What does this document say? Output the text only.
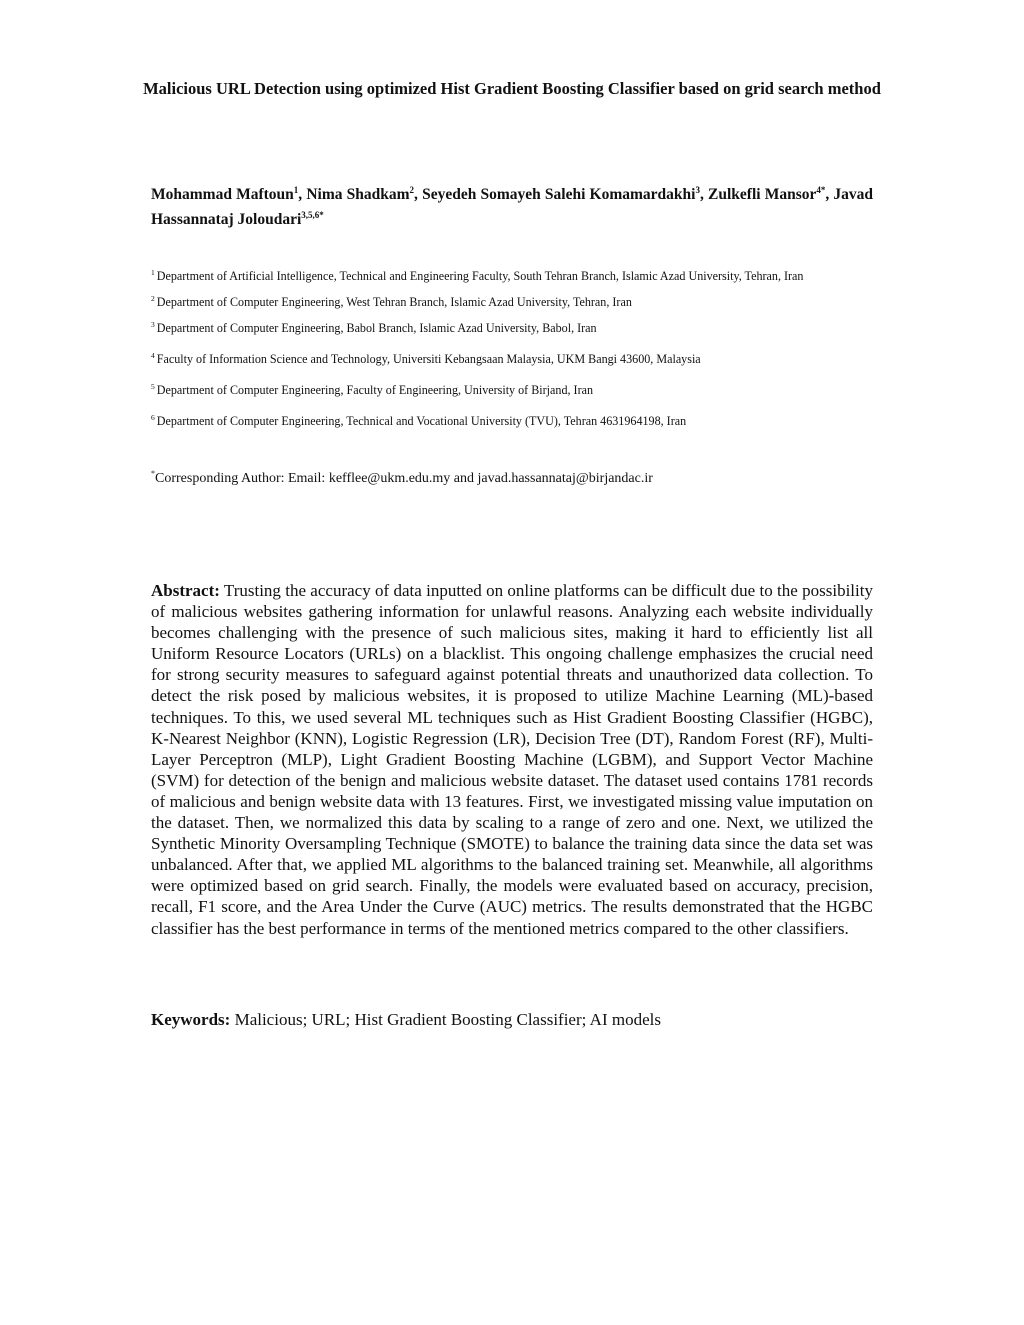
Malicious URL Detection using optimized Hist Gradient Boosting Classifier based on grid search method
Mohammad Maftoun$^1$, Nima Shadkam$^2$, Seyedeh Somayeh Salehi Komamardakhi$^3$, Zulkefli Mansor$^{4*}$, Javad Hassannataj Joloudari$^{3,5,6*}$
$^1$ Department of Artificial Intelligence, Technical and Engineering Faculty, South Tehran Branch, Islamic Azad University, Tehran, Iran
$^2$ Department of Computer Engineering, West Tehran Branch, Islamic Azad University, Tehran, Iran
$^3$ Department of Computer Engineering, Babol Branch, Islamic Azad University, Babol, Iran
$^4$ Faculty of Information Science and Technology, Universiti Kebangsaan Malaysia, UKM Bangi 43600, Malaysia
$^5$ Department of Computer Engineering, Faculty of Engineering, University of Birjand, Iran
$^6$ Department of Computer Engineering, Technical and Vocational University (TVU), Tehran 4631964198, Iran
*Corresponding Author: Email: kefflee@ukm.edu.my and javad.hassannataj@birjandac.ir

Abstract: Trusting the accuracy of data inputted on online platforms can be difficult due to the possibility of malicious websites gathering information for unlawful reasons. Analyzing each website individually becomes challenging with the presence of such malicious sites, making it hard to efficiently list all Uniform Resource Locators (URLs) on a blacklist. This ongoing challenge emphasizes the crucial need for strong security measures to safeguard against potential threats and unauthorized data collection. To detect the risk posed by malicious websites, it is proposed to utilize Machine Learning (ML)-based techniques. To this, we used several ML techniques such as Hist Gradient Boosting Classifier (HGBC), K-Nearest Neighbor (KNN), Logistic Regression (LR), Decision Tree (DT), Random Forest (RF), Multi-Layer Perceptron (MLP), Light Gradient Boosting Machine (LGBM), and Support Vector Machine (SVM) for detection of the benign and malicious website dataset. The dataset used contains 1781 records of malicious and benign website data with 13 features. First, we investigated missing value imputation on the dataset. Then, we normalized this data by scaling to a range of zero and one. Next, we utilized the Synthetic Minority Oversampling Technique (SMOTE) to balance the training data since the data set was unbalanced. After that, we applied ML algorithms to the balanced training set. Meanwhile, all algorithms were optimized based on grid search. Finally, the models were evaluated based on accuracy, precision, recall, F1 score, and the Area Under the Curve (AUC) metrics. The results demonstrated that the HGBC classifier has the best performance in terms of the mentioned metrics compared to the other classifiers.

Keywords: Malicious; URL; Hist Gradient Boosting Classifier; AI models
